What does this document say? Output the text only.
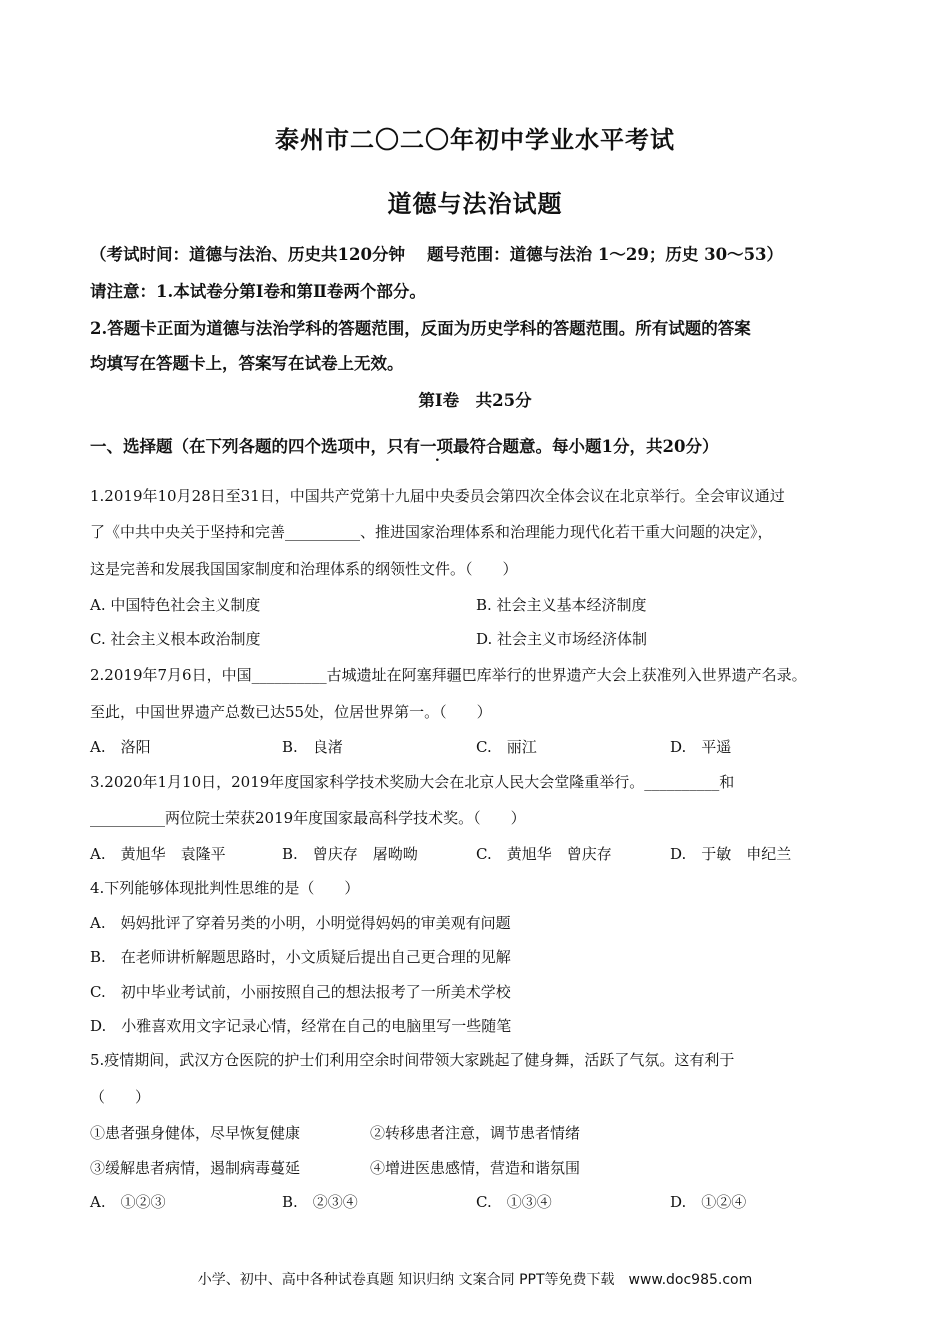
泰州市二〇二〇年初中学业水平考试
道德与法治试题
（考试时间：道德与法治、历史共120分钟　 题号范围：道德与法治 1～29；历史 30～53）
请注意：1.本试卷分第Ⅰ卷和第Ⅱ卷两个部分。
2.答题卡正面为道德与法治学科的答题范围，反面为历史学科的答题范围。所有试题的答案
均填写在答题卡上，答案写在试卷上无效。
第Ⅰ卷　共25分
一、选择题（在下列各题的四个选项中，只有一项最符合题意。每小题1分，共20分）
1.2019年10月28日至31日，中国共产党第十九届中央委员会第四次全体会议在北京举行。全会审议通过
了《中共中央关于坚持和完善__________、推进国家治理体系和治理能力现代化若干重大问题的决定》，
这是完善和发展我国国家制度和治理体系的纲领性文件。（　　）
A. 中国特色社会主义制度	B. 社会主义基本经济制度
C. 社会主义根本政治制度	D. 社会主义市场经济体制
2.2019年7月6日，中国__________古城遗址在阿塞拜疆巴库举行的世界遗产大会上获准列入世界遗产名录。
至此，中国世界遗产总数已达55处，位居世界第一。（　　）
A.　洛阳	B.　良渚	C.　丽江	D.　平遥
3.2020年1月10日，2019年度国家科学技术奖励大会在北京人民大会堂隆重举行。__________和
__________两位院士荣获2019年度国家最高科学技术奖。（　　）
A.　黄旭华　袁隆平	B.　曾庆存　屠呦呦	C.　黄旭华　曾庆存	D.　于敏　申纪兰
4.下列能够体现批判性思维的是（　　）
A.　妈妈批评了穿着另类的小明，小明觉得妈妈的审美观有问题
B.　在老师讲析解题思路时，小文质疑后提出自己更合理的见解
C.　初中毕业考试前，小丽按照自己的想法报考了一所美术学校
D.　小雅喜欢用文字记录心情，经常在自己的电脑里写一些随笔
5.疫情期间，武汉方仓医院的护士们利用空余时间带领大家跳起了健身舞，活跃了气氛。这有利于
（　　）
①患者强身健体，尽早恢复健康	②转移患者注意，调节患者情绪
③缓解患者病情，遏制病毒蔓延	④增进医患感情，营造和谐氛围
A.　①②③	B.　②③④	C.　①③④	D.　①②④
小学、初中、高中各种试卷真题 知识归纳 文案合同 PPT等免费下载　www.doc985.com
